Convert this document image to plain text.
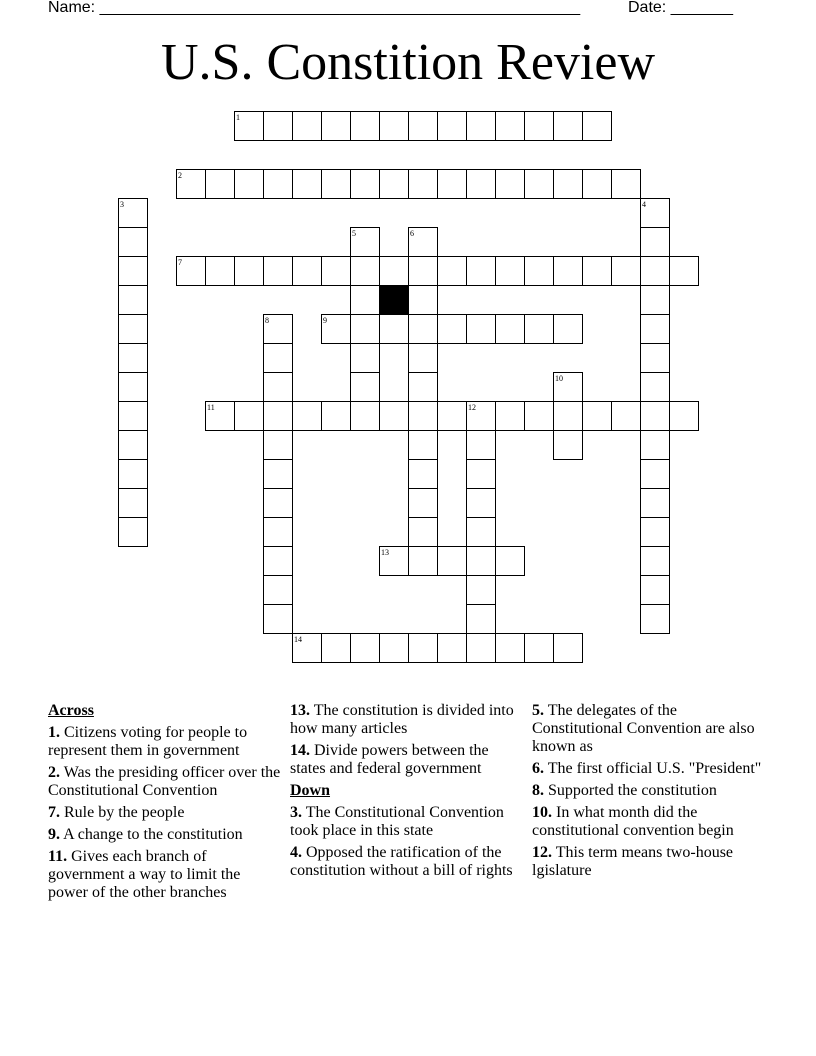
Name: ______________________________________________________	Date: _______
U.S. Constition Review
1
2
3	4
5	6
7
8	9
10
11	12
13
14
Across
1. Citizens voting for people to represent them in government
2. Was the presiding officer over the Constitutional Convention
7. Rule by the people
9. A change to the constitution
11. Gives each branch of government a way to limit the power of the other branches
13. The constitution is divided into how many articles
14. Divide powers between the states and federal government
Down
3. The Constitutional Convention took place in this state
4. Opposed the ratification of the constitution without a bill of rights
5. The delegates of the Constitutional Convention are also known as
6. The first official U.S. "President"
8. Supported the constitution
10. In what month did the constitutional convention begin
12. This term means two-house lgislature
